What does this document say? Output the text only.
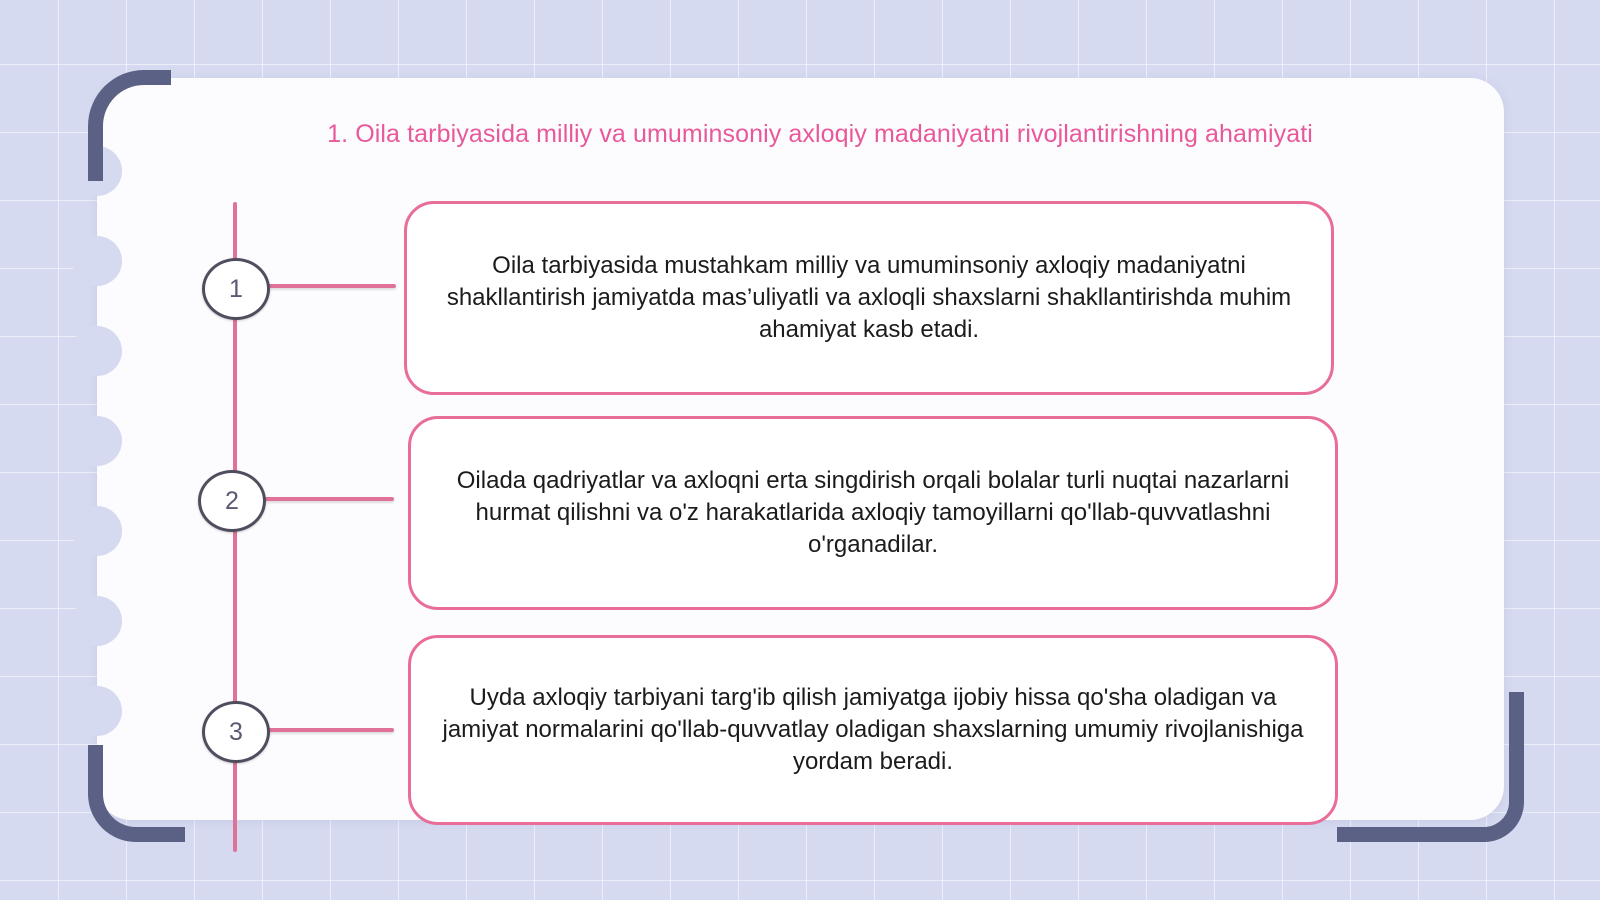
1. Oila tarbiyasida milliy va umuminsoniy axloqiy madaniyatni rivojlantirishning ahamiyati
1
Oila tarbiyasida mustahkam milliy va umuminsoniy axloqiy madaniyatni shakllantirish jamiyatda mas’uliyatli va axloqli shaxslarni shakllantirishda muhim ahamiyat kasb etadi.
2
Oilada qadriyatlar va axloqni erta singdirish orqali bolalar turli nuqtai nazarlarni hurmat qilishni va o'z harakatlarida axloqiy tamoyillarni qo'llab-quvvatlashni o'rganadilar.
3
Uyda axloqiy tarbiyani targ'ib qilish jamiyatga ijobiy hissa qo'sha oladigan va jamiyat normalarini qo'llab-quvvatlay oladigan shaxslarning umumiy rivojlanishiga yordam beradi.
